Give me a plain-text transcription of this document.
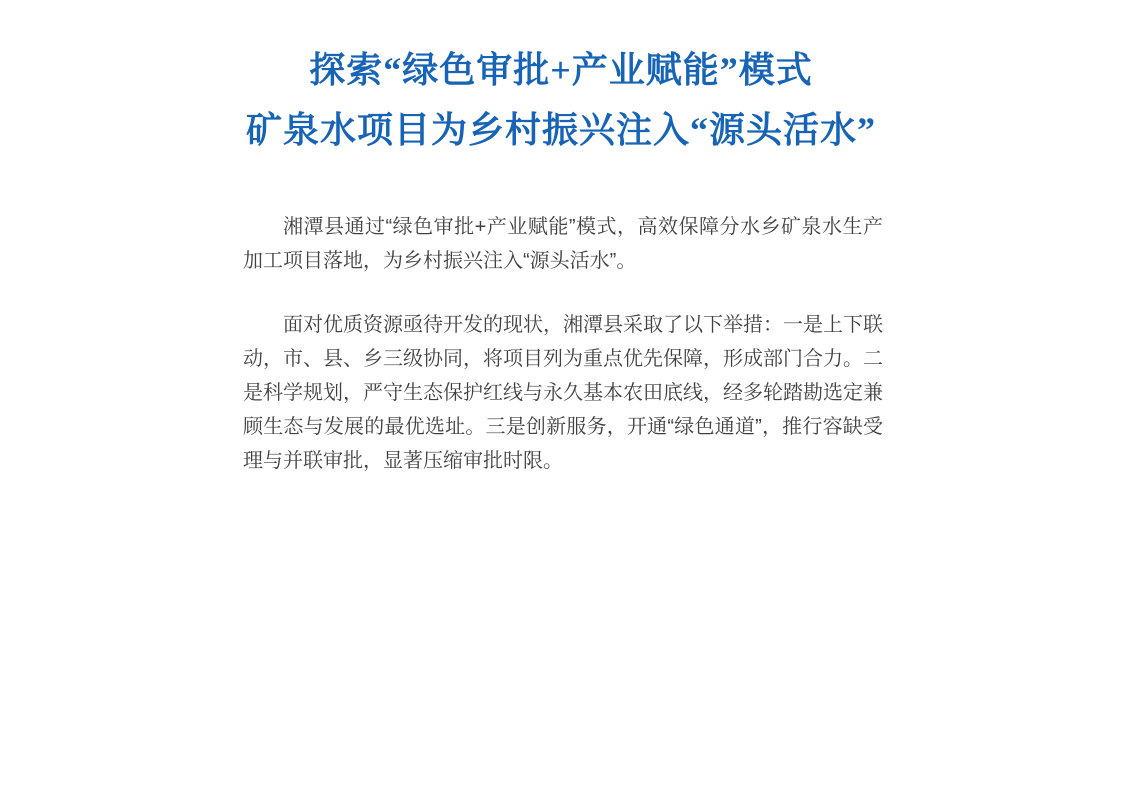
探索“绿色审批+产业赋能”模式
矿泉水项目为乡村振兴注入“源头活水”

湘潭县通过“绿色审批+产业赋能”模式，高效保障分水乡矿泉水生产加工项目落地，为乡村振兴注入“源头活水”。

面对优质资源亟待开发的现状，湘潭县采取了以下举措：一是上下联动，市、县、乡三级协同，将项目列为重点优先保障，形成部门合力。二是科学规划，严守生态保护红线与永久基本农田底线，经多轮踏勘选定兼顾生态与发展的最优选址。三是创新服务，开通“绿色通道”，推行容缺受理与并联审批，显著压缩审批时限。
